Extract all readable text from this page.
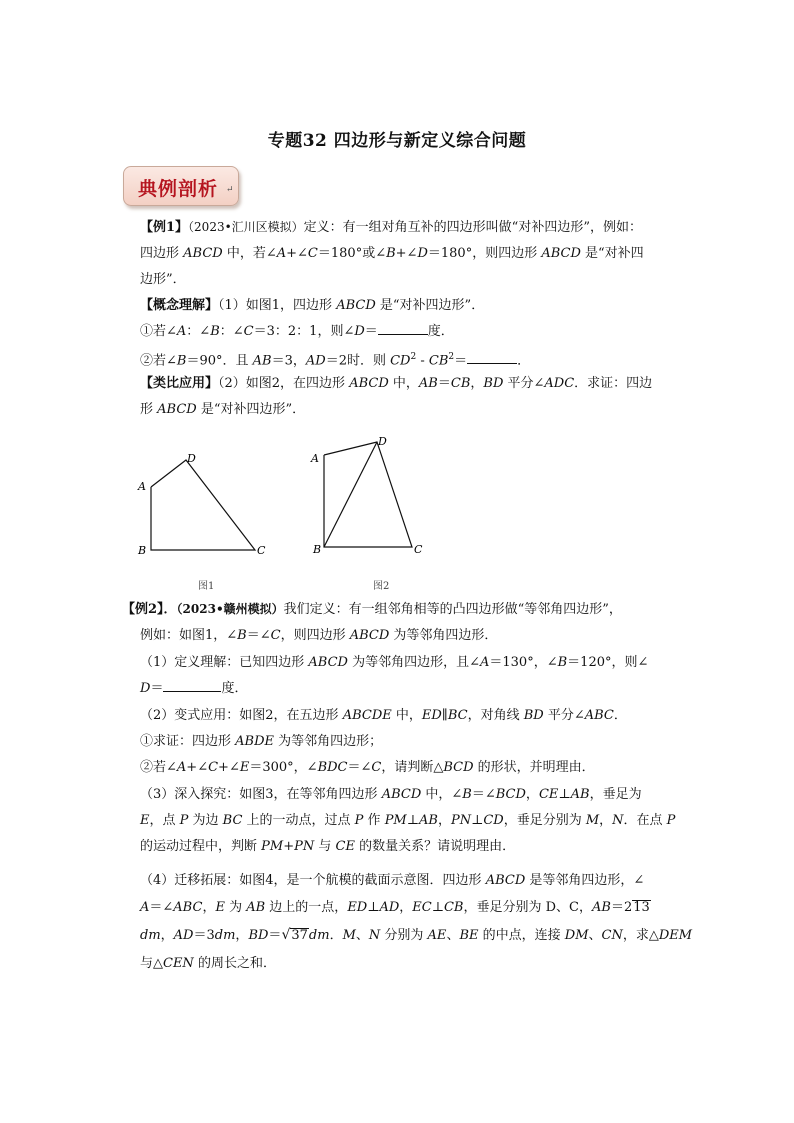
专题32 四边形与新定义综合问题
典例剖析 ↵
【例1】（2023•汇川区模拟）定义：有一组对角互补的四边形叫做“对补四边形”，例如：
四边形 ABCD 中，若∠A+∠C＝180°或∠B+∠D＝180°，则四边形 ABCD 是“对补四
边形”．
【概念理解】（1）如图1，四边形 ABCD 是“对补四边形”．
①若∠A：∠B：∠C＝3：2：1，则∠D＝	度．
②若∠B＝90°．且 AB＝3，AD＝2时．则 $CD^2 - CB^2=$	．
【类比应用】（2）如图2，在四边形 ABCD 中，AB＝CB，BD 平分∠ADC．求证：四边
形 ABCD 是“对补四边形”．
A
D
B	C
图1
A
D
B	C
图2
【例2】．（2023•赣州模拟）我们定义：有一组邻角相等的凸四边形做“等邻角四边形”，
例如：如图1，∠B＝∠C，则四边形 ABCD 为等邻角四边形．
（1）定义理解：已知四边形 ABCD 为等邻角四边形，且∠A＝130°，∠B＝120°，则∠
D＝	度．
（2）变式应用：如图2，在五边形 ABCDE 中，ED∥BC，对角线 BD 平分∠ABC．
①求证：四边形 ABDE 为等邻角四边形；
②若∠A+∠C+∠E＝300°，∠BDC＝∠C，请判断△BCD 的形状，并明理由．
（3）深入探究：如图3，在等邻角四边形 ABCD 中，∠B＝∠BCD，CE⊥AB，垂足为
E，点 P 为边 BC 上的一动点，过点 P 作 PM⊥AB，PN⊥CD，垂足分别为 M，N．在点 P
的运动过程中，判断 PM+PN 与 CE 的数量关系？请说明理由．
（4）迁移拓展：如图4，是一个航模的截面示意图．四边形 ABCD 是等邻角四边形，∠
A＝∠ABC，E 为 AB 边上的一点，ED⊥AD，EC⊥CB，垂足分别为 D、C，AB＝213
dm，AD＝3dm，BD＝√37dm．M、N 分别为 AE、BE 的中点，连接 DM、CN，求△DEM
与△CEN 的周长之和．
